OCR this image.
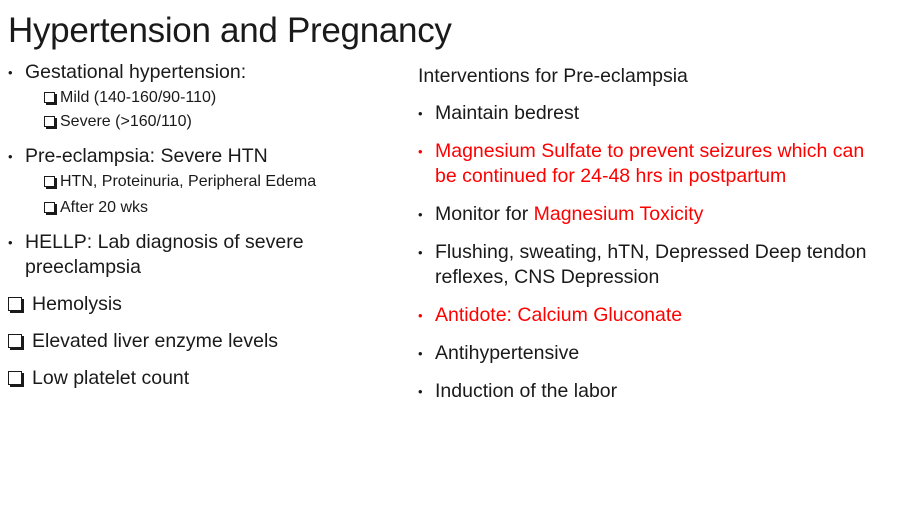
Hypertension and Pregnancy
• Gestational hypertension:
Mild (140-160/90-110)
Severe (>160/110)
• Pre-eclampsia: Severe HTN
HTN, Proteinuria, Peripheral Edema
After 20 wks
• HELLP: Lab diagnosis of severe preeclampsia
Hemolysis
Elevated liver enzyme levels
Low platelet count
Interventions for Pre-eclampsia
• Maintain bedrest
• Magnesium Sulfate to prevent seizures which can be continued for 24-48 hrs in postpartum
• Monitor for Magnesium Toxicity
• Flushing, sweating, hTN, Depressed Deep tendon reflexes, CNS Depression
• Antidote: Calcium Gluconate
• Antihypertensive
• Induction of the labor
